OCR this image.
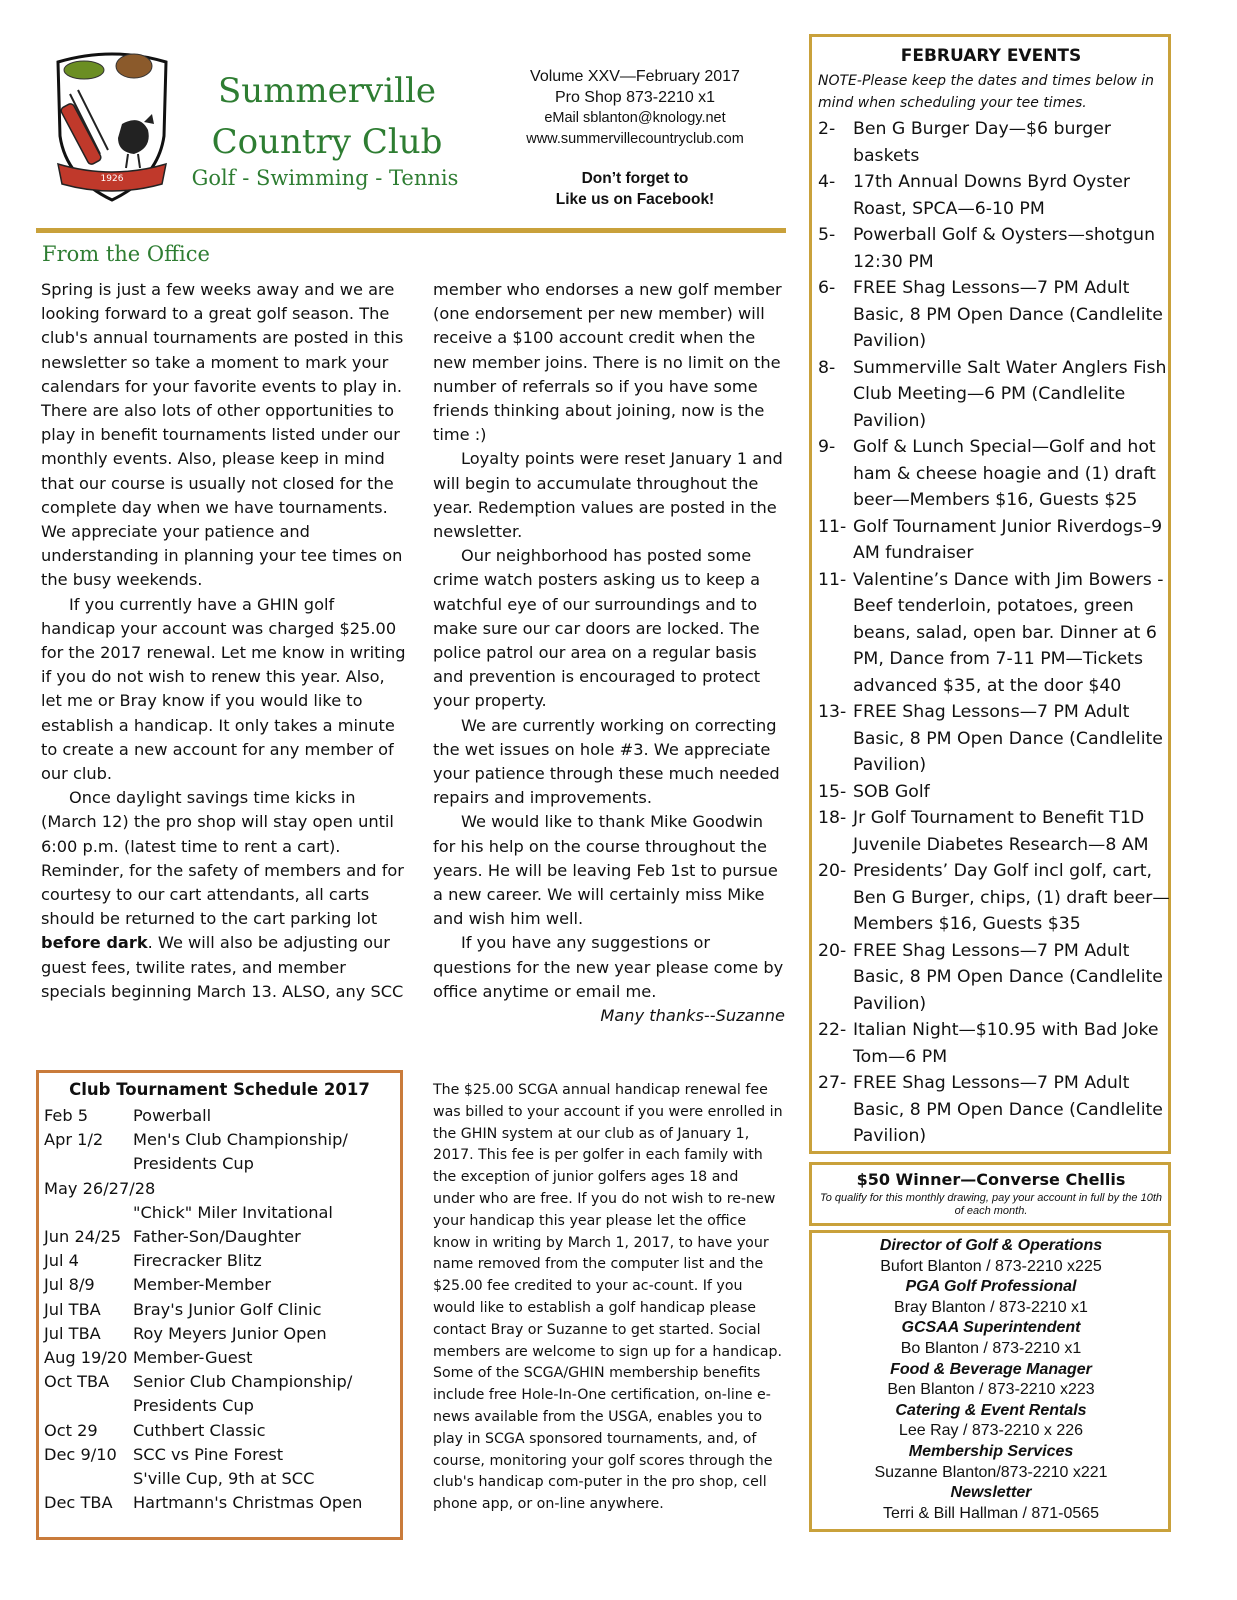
1926
Summerville
Country Club
Golf - Swimming - Tennis
Volume XXV—February 2017
Pro Shop 873-2210 x1
eMail sblanton@knology.net
www.summervillecountryclub.com
Don’t forget to
Like us on Facebook!
From the Office

Spring is just a few weeks away and we are looking forward to a great golf season. The club's annual tournaments are posted in this newsletter so take a moment to mark your calendars for your favorite events to play in. There are also lots of other opportunities to play in benefit tournaments listed under our monthly events. Also, please keep in mind that our course is usually not closed for the complete day when we have tournaments. We appreciate your patience and understanding in planning your tee times on the busy weekends.

If you currently have a GHIN golf handicap your account was charged $25.00 for the 2017 renewal. Let me know in writing if you do not wish to renew this year. Also, let me or Bray know if you would like to establish a handicap. It only takes a minute to create a new account for any member of our club.

Once daylight savings time kicks in (March 12) the pro shop will stay open until 6:00 p.m. (latest time to rent a cart). Reminder, for the safety of members and for courtesy to our cart attendants, all carts should be returned to the cart parking lot before dark. We will also be adjusting our guest fees, twilite rates, and member specials beginning March 13. ALSO, any SCC

member who endorses a new golf member (one endorsement per new member) will receive a $100 account credit when the new member joins. There is no limit on the number of referrals so if you have some friends thinking about joining, now is the time :)

Loyalty points were reset January 1 and will begin to accumulate throughout the year. Redemption values are posted in the newsletter.

Our neighborhood has posted some crime watch posters asking us to keep a watchful eye of our surroundings and to make sure our car doors are locked. The police patrol our area on a regular basis and prevention is encouraged to protect your property.

We are currently working on correcting the wet issues on hole #3. We appreciate your patience through these much needed repairs and improvements.

We would like to thank Mike Goodwin for his help on the course throughout the years. He will be leaving Feb 1st to pursue a new career. We will certainly miss Mike and wish him well.

If you have any suggestions or questions for the new year please come by office anytime or email me.

Many thanks--Suzanne

FEBRUARY EVENTS
NOTE-Please keep the dates and times below in mind when scheduling your tee times.
2-	Ben G Burger Day—$6 burger baskets
4-	17th Annual Downs Byrd Oyster Roast, SPCA—6-10 PM
5-	Powerball Golf & Oysters—shotgun 12:30 PM
6-	FREE Shag Lessons—7 PM Adult Basic, 8 PM Open Dance (Candlelite Pavilion)
8-	Summerville Salt Water Anglers Fish Club Meeting—6 PM (Candlelite Pavilion)
9-	Golf & Lunch Special—Golf and hot ham & cheese hoagie and (1) draft beer—Members $16, Guests $25
11- Golf Tournament Junior Riverdogs–9 AM fundraiser
11- Valentine’s Dance with Jim Bowers -Beef tenderloin, potatoes, green beans, salad, open bar. Dinner at 6 PM, Dance from 7-11 PM—Tickets advanced $35, at the door $40
13- FREE Shag Lessons—7 PM Adult Basic, 8 PM Open Dance (Candlelite Pavilion)
15- SOB Golf
18- Jr Golf Tournament to Benefit T1D Juvenile Diabetes Research—8 AM
20- Presidents’ Day Golf incl golf, cart, Ben G Burger, chips, (1) draft beer—Members $16, Guests $35
20- FREE Shag Lessons—7 PM Adult Basic, 8 PM Open Dance (Candlelite Pavilion)
22- Italian Night—$10.95 with Bad Joke Tom—6 PM
27- FREE Shag Lessons—7 PM Adult Basic, 8 PM Open Dance (Candlelite Pavilion)
$50 Winner—Converse Chellis
To qualify for this monthly drawing, pay your account in full by the 10th of each month.
Director of Golf & Operations
Bufort Blanton / 873-2210 x225
PGA Golf Professional
Bray Blanton / 873-2210 x1
GCSAA Superintendent
Bo Blanton / 873-2210 x1
Food & Beverage Manager
Ben Blanton / 873-2210 x223
Catering & Event Rentals
Lee Ray / 873-2210 x 226
Membership Services
Suzanne Blanton/873-2210 x221
Newsletter
Terri & Bill Hallman / 871-0565
Club Tournament Schedule 2017
Feb 5	Powerball
Apr 1/2	Men's Club Championship/
Presidents Cup
May 26/27/28
"Chick" Miler Invitational
Jun 24/25 Father-Son/Daughter
Jul 4	Firecracker Blitz
Jul 8/9	Member-Member
Jul TBA	Bray's Junior Golf Clinic
Jul TBA	Roy Meyers Junior Open
Aug 19/20 Member-Guest
Oct TBA	Senior Club Championship/
Presidents Cup
Oct 29	Cuthbert Classic
Dec 9/10 SCC vs Pine Forest
S'ville Cup, 9th at SCC
Dec TBA	Hartmann's Christmas Open
The $25.00 SCGA annual handicap renewal fee was billed to your account if you were enrolled in the GHIN system at our club as of January 1, 2017. This fee is per golfer in each family with the exception of junior golfers ages 18 and under who are free. If you do not wish to re-new your handicap this year please let the office know in writing by March 1, 2017, to have your name removed from the computer list and the $25.00 fee credited to your ac-count. If you would like to establish a golf handicap please contact Bray or Suzanne to get started. Social members are welcome to sign up for a handicap. Some of the SCGA/GHIN membership benefits include free Hole-In-One certification, on-line e-news available from the USGA, enables you to play in SCGA sponsored tournaments, and, of course, monitoring your golf scores through the club's handicap com-puter in the pro shop, cell phone app, or on-line anywhere.
